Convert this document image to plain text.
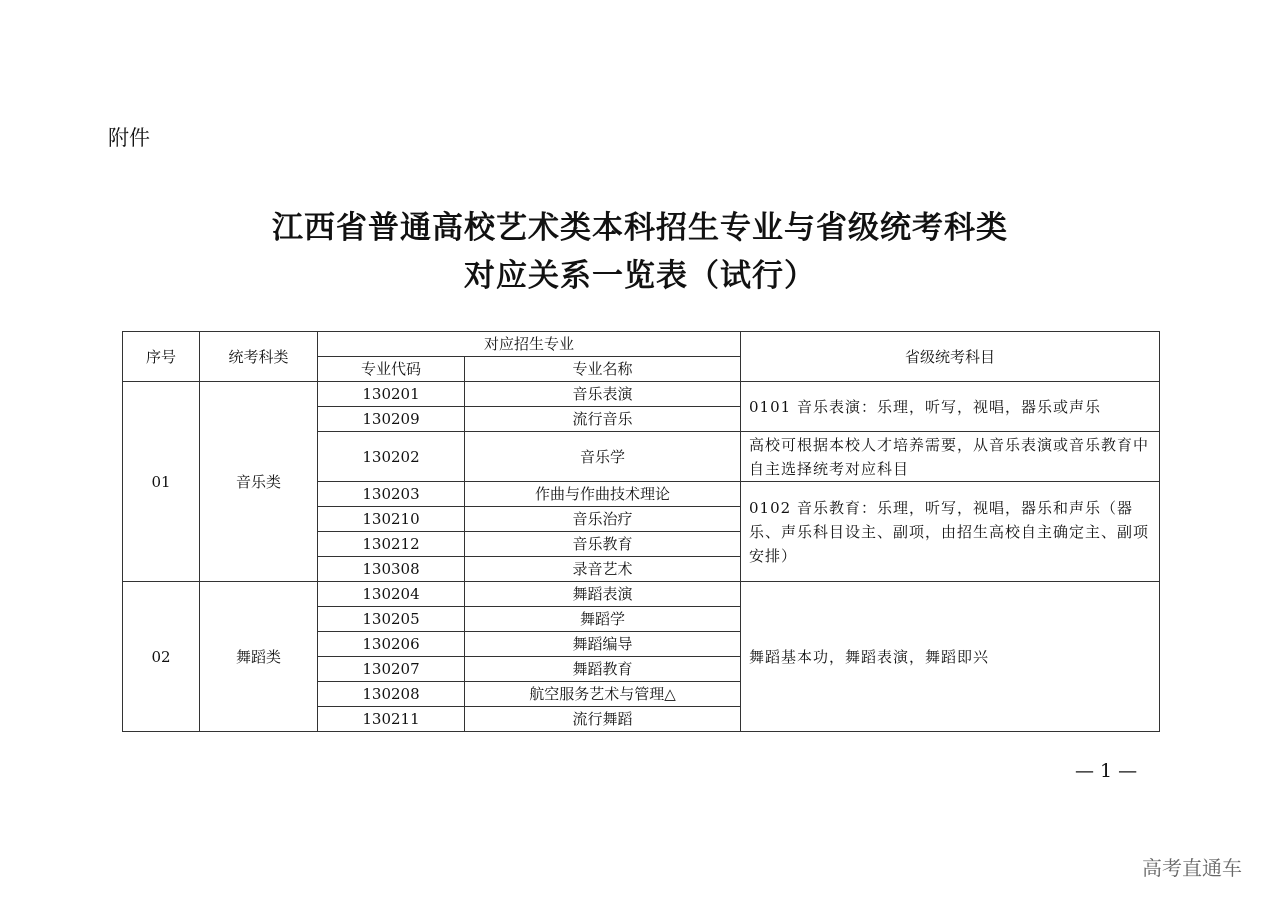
附件
江西省普通高校艺术类本科招生专业与省级统考科类
对应关系一览表（试行）
序号	统考科类	对应招生专业		省级统考科目
		专业代码	专业名称	
01	音乐类	130201	音乐表演	0101 音乐表演：乐理，听写，视唱，器乐或声乐
		130209	流行音乐	
		130202	音乐学	高校可根据本校人才培养需要，从音乐表演或音乐教育中自主选择统考对应科目
		130203	作曲与作曲技术理论	0102 音乐教育：乐理，听写，视唱，器乐和声乐（器乐、声乐科目设主、副项，由招生高校自主确定主、副项安排）
		130210	音乐治疗	
		130212	音乐教育	
		130308	录音艺术	
02	舞蹈类	130204	舞蹈表演	舞蹈基本功，舞蹈表演，舞蹈即兴
		130205	舞蹈学	
		130206	舞蹈编导	
		130207	舞蹈教育	
		130208	航空服务艺术与管理△	
		130211	流行舞蹈	
— 1 —
高考直通车
